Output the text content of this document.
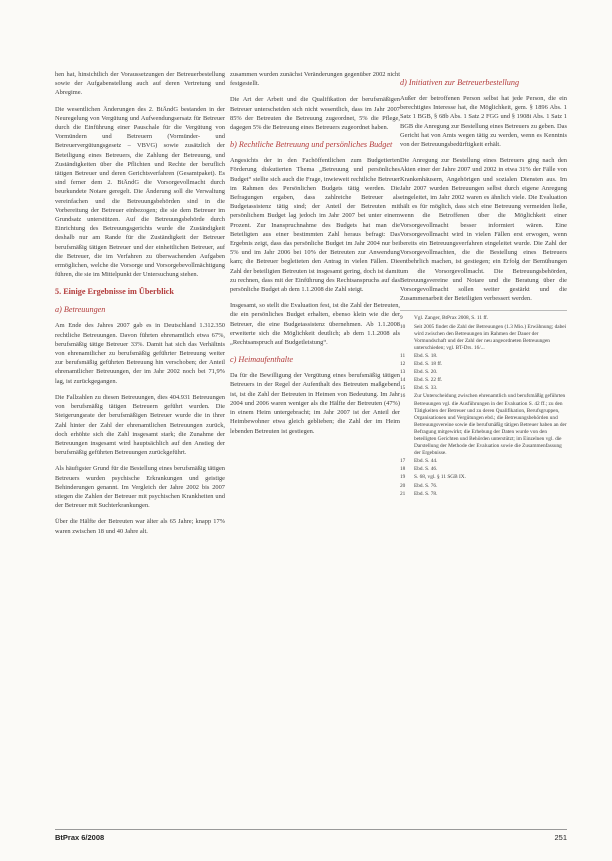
hen hat, hinsichtlich der Voraussetzungen der Betreuerbestellung sowie der Aufgabenstellung auch auf deren Vertretung und Abregime.

Die wesentlichen Änderungen des 2. BtÄndG bestanden in der Neuregelung von Vergütung und Aufwendungsersatz für Betreuer durch die Einführung einer Pauschale für die Vergütung von Vormündern und Betreuern (Vormünder- und Betreuervergütungsgesetz – VBVG) sowie zusätzlich der Beteiligung eines Betreuers, die Zahlung der Betreuung, und Zuständigkeiten über die Pflichten und Rechte der beruflich tätigen Betreuer und deren Gerichtsverfahren (Gesamtpaket). Es sind ferner dem 2. BtÄndG die Vorsorgevollmacht durch beurkundete Notare geregelt. Die Änderung soll die Verwaltung vereinfachen und die Betreuungsbehörden sind in die Vorbereitung der Betreuer einbezogen; die sie dem Betreuer im Grundsatz unterstützen. Auf die Betreuungsbehörde durch Einrichtung des Betreuungsgerichts wurde die Zuständigkeit deshalb nur am Rande für die Zuständigkeit der Betreuer berufsmäßig tätigen Betreuer und der einheitlichen Betreuer, auf die Betreuer, die im Verfahren zu überwachenden Aufgaben ermöglichen, welche die Vorsorge und Vorsorgebevollmächtigung führen, die sie im Mittelpunkt der Untersuchung stehen.

5. Einige Ergebnisse im Überblick
a) Betreuungen

Am Ende des Jahres 2007 gab es in Deutschland 1.312.350 rechtliche Betreuungen. Davon führten ehrenamtlich etwa 67%, berufsmäßig tätige Betreuer 33%. Damit hat sich das Verhältnis von ehrenamtlicher zu berufsmäßig geführter Betreuung weiter zur berufsmäßig geführten Betreuung hin verschoben; der Anteil ehrenamtlicher Betreuungen, der im Jahr 2002 noch bei 71,9% lag, ist zurückgegangen.

Die Fallzahlen zu diesen Betreuungen, dies 404.931 Betreuungen von berufsmäßig tätigen Betreuern geführt wurden. Die Steigerungsrate der berufsmäßigen Betreuer wurde die in ihrer Zahl hinter der Zahl der ehrenamtlichen Betreuungen zurück, doch erhöhte sich die Zahl insgesamt stark; die Zunahme der Betreuungen insgesamt wird hauptsächlich auf den Anstieg der berufsmäßig geführten Betreuungen zurückgeführt.

Als häufigster Grund für die Bestellung eines berufsmäßig tätigen Betreuers wurden psychische Erkrankungen und geistige Behinderungen genannt. Im Vergleich der Jahre 2002 bis 2007 stiegen die Zahlen der Betreuer mit psychischen Krankheiten und der Betreuer mit Suchterkrankungen.

Über die Hälfte der Betreuten war älter als 65 Jahre; knapp 17% waren zwischen 18 und 40 Jahre alt.

zusammen wurden zunächst Veränderungen gegenüber 2002 nicht festgestellt.

Die Art der Arbeit und die Qualifikation der berufsmäßigen Betreuer unterscheiden sich nicht wesentlich, dass im Jahr 2007 85% der Betreuten die Betreuung zugeordnet, 5% die Pflege, dagegen 5% die Betreuung eines Betreuers zugeordnet haben.

b) Rechtliche Betreuung und persönliches Budget

Angesichts der in den Fachöffentlichen zum Budgetierten Förderung diskutierten Thema „Betreuung und persönliches Budget“ stellte sich auch die Frage, inwieweit rechtliche Betreuer im Rahmen des Persönlichen Budgets tätig werden. Die Befragungen ergaben, dass zahlreiche Betreuer als Budgetassistenz tätig sind; der Anteil der Betreuten mit persönlichem Budget lag jedoch im Jahr 2007 bei unter einem Prozent. Zur Inanspruchnahme des Budgets hat man die Beteiligten aus einer bestimmten Zahl heraus befragt: Das Ergebnis zeigt, dass das persönliche Budget im Jahr 2004 nur bei 5% und im Jahr 2006 bei 10% der Betreuten zur Anwendung kam; die Betreuer begleiteten den Antrag in vielen Fällen. Die Zahl der beteiligten Betreuten ist insgesamt gering, doch ist damit zu rechnen, dass mit der Einführung des Rechtsanspruchs auf das persönliche Budget ab dem 1.1.2008 die Zahl steigt.

Insgesamt, so stellt die Evaluation fest, ist die Zahl der Betreuten, die ein persönliches Budget erhalten, ebenso klein wie die der Betreuer, die eine Budgetassistenz übernehmen. Ab 1.1.2008 erweiterte sich die Möglichkeit deutlich; ab dem 1.1.2008 als „Rechtsanspruch auf Budgetleistung“.

c) Heimaufenthalte

Da für die Bewilligung der Vergütung eines berufsmäßig tätigen Betreuers in der Regel der Aufenthalt des Betreuten maßgebend ist, ist die Zahl der Betreuten in Heimen von Bedeutung. Im Jahr 2004 und 2006 waren weniger als die Hälfte der Betreuten (47%) in einem Heim untergebracht; im Jahr 2007 ist der Anteil der Heimbewohner etwa gleich geblieben; die Zahl der im Heim lebenden Betreuten ist gestiegen.

d) Initiativen zur Betreuerbestellung

Außer der betroffenen Person selbst hat jede Person, die ein berechtigtes Interesse hat, die Möglichkeit, gem. § 1896 Abs. 1 Satz 1 BGB, § 68b Abs. 1 Satz 2 FGG und § 1908i Abs. 1 Satz 1 BGB die Anregung zur Bestellung eines Betreuers zu geben. Das Gericht hat von Amts wegen tätig zu werden, wenn es Kenntnis von der Betreuungsbedürftigkeit erhält.

Die Anregung zur Bestellung eines Betreuers ging nach den Akten einer der Jahre 2007 und 2002 in etwa 31% der Fälle von Krankenhäusern, Angehörigen und sozialen Diensten aus. Im Jahr 2007 wurden Betreuungen selbst durch eigene Anregung eingeleitet, im Jahr 2002 waren es ähnlich viele. Die Evaluation hält es für möglich, dass sich eine Betreuung vermeiden ließe, wenn die Betroffenen über die Möglichkeit einer Vorsorgevollmacht besser informiert wären. Eine Vorsorgevollmacht wird in vielen Fällen erst erwogen, wenn bereits ein Betreuungsverfahren eingeleitet wurde. Die Zahl der Vorsorgevollmachten, die die Bestellung eines Betreuers entbehrlich machen, ist gestiegen; ein Erfolg der Bemühungen um die Vorsorgevollmacht. Die Betreuungsbehörden, Betreuungsvereine und Notare und die Beratung über die Vorsorgevollmacht sollen weiter gestärkt und die Zusammenarbeit der Beteiligten verbessert werden.

9	Vgl. Zanger, BtPrax 2008, S. 11 ff.
10	Seit 2005 findet die Zahl der Betreuungen (1.3 Mio.) Erwähnung; dabei wird zwischen den Betreuungen im Rahmen der Dauer der Vormundschaft und der Zahl der neu angeordneten Betreuungen unterschieden; vgl. BT-Drs. 16/...
11	Ebd. S. 18.
12	Ebd. S. 18 ff.
13	Ebd. S. 20.
14	Ebd. S. 22 ff.
15	Ebd. S. 33.
16	Zur Unterscheidung zwischen ehrenamtlich und berufsmäßig geführten Betreuungen vgl. die Ausführungen in der Evaluation S. 42 ff.; zu den Tätigkeiten der Betreuer und zu deren Qualifikation, Berufsgruppen, Organisationen und Vergütungen ebd.; die Betreuungsbehörden und Betreuungsvereine sowie die berufsmäßig tätigen Betreuer haben an der Befragung mitgewirkt; die Erhebung der Daten wurde von den beteiligten Gerichten und Behörden unterstützt; im Einzelnen vgl. die Darstellung der Methode der Evaluation sowie die Zusammenfassung der Ergebnisse.
17	Ebd. S. 44.
18	Ebd. S. 46.
19	S. 68, vgl. § 11 SGB IX.
20	Ebd. S. 76.
21	Ebd. S. 78.
BtPrax 6/2008	251
